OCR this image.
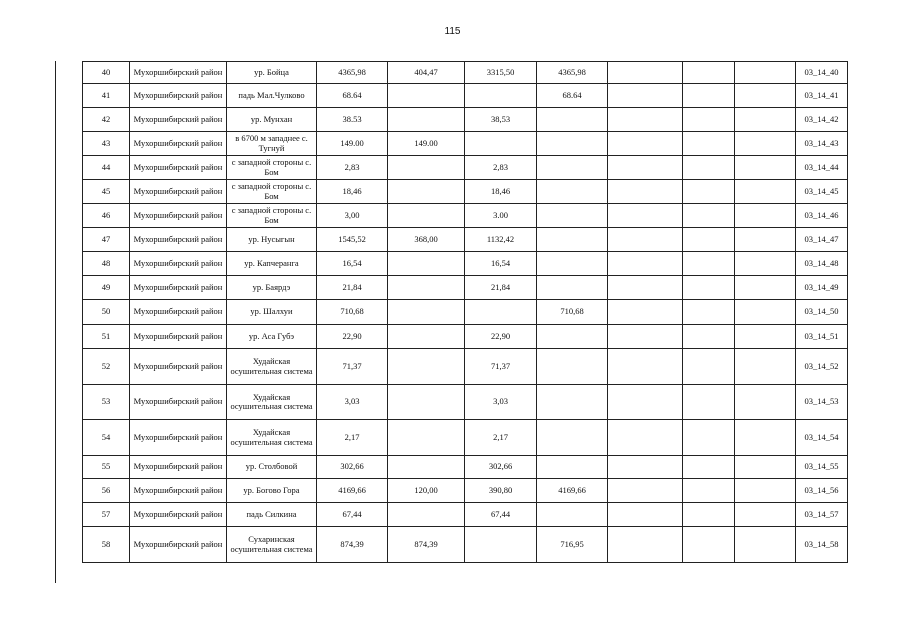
115
40	Мухоршибирский район	ур. Бойца	4365,98	404,47	3315,50	4365,98				03_14_40
41	Мухоршибирский район	падь Мал.Чулково	68.64			68.64				03_14_41
42	Мухоршибирский район	ур. Мунхан	38.53		38,53					03_14_42
43	Мухоршибирский район	в 6700 м западнее с. Тугнуй	149.00	149.00						03_14_43
44	Мухоршибирский район	с западной стороны с. Бом	2,83		2,83					03_14_44
45	Мухоршибирский район	с западной стороны с. Бом	18,46		18,46					03_14_45
46	Мухоршибирский район	с западной стороны с. Бом	3,00		3.00					03_14_46
47	Мухоршибирский район	ур. Нусыгын	1545,52	368,00	1132,42					03_14_47
48	Мухоршибирский район	ур. Капчеранга	16,54		16,54					03_14_48
49	Мухоршибирский район	ур. Баярдэ	21,84		21,84					03_14_49
50	Мухоршибирский район	ур. Шалхуи	710,68			710,68				03_14_50
51	Мухоршибирский район	ур. Аса Губэ	22,90		22,90					03_14_51
52	Мухоршибирский район	Худайская осушительная система	71,37		71,37					03_14_52
53	Мухоршибирский район	Худайская осушительная система	3,03		3,03					03_14_53
54	Мухоршибирский район	Худайская осушительная система	2,17		2,17					03_14_54
55	Мухоршибирский район	ур. Столбовой	302,66		302,66					03_14_55
56	Мухоршибирский район	ур. Богово Гора	4169,66	120,00	390,80	4169,66				03_14_56
57	Мухоршибирский район	падь Силкина	67,44		67,44					03_14_57
58	Мухоршибирский район	Сухаринская осушительная система	874,39	874,39		716,95				03_14_58
